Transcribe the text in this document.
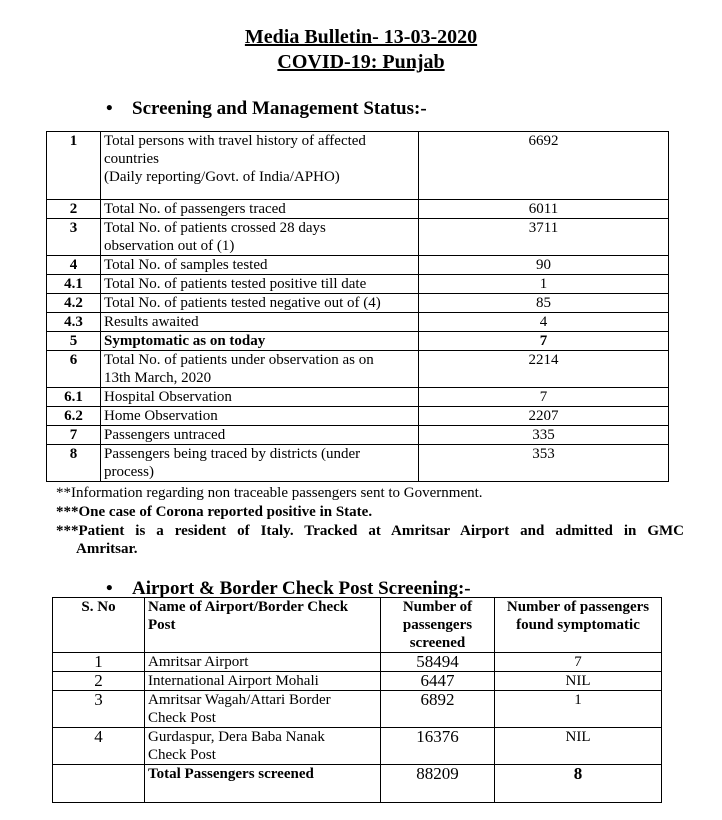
Media Bulletin- 13-03-2020
COVID-19: Punjab
• Screening and Management Status:-
1	Total persons with travel history of affected
countries
(Daily reporting/Govt. of India/APHO)	6692
2	Total No. of passengers traced	6011
3	Total No. of patients crossed 28 days
observation out of (1)	3711
4	Total No. of samples tested	90
4.1	Total No. of patients tested positive till date	1
4.2	Total No. of patients tested negative out of (4)	85
4.3	Results awaited	4
5	Symptomatic as on today	7
6	Total No. of patients under observation as on
13th March, 2020	2214
6.1	Hospital Observation	7
6.2	Home Observation	2207
7	Passengers untraced	335
8	Passengers being traced by districts (under
process)	353
**Information regarding non traceable passengers sent to Government.
***One case of Corona reported positive in State.
***Patient is a resident of Italy. Tracked at Amritsar Airport and admitted in GMC
Amritsar.
• Airport & Border Check Post Screening:-
S. No	Name of Airport/Border Check Post	Number of passengers screened	Number of passengers found symptomatic
1	Amritsar Airport	58494	7
2	International Airport Mohali	6447	NIL
3	Amritsar Wagah/Attari Border
Check Post	6892	1
4	Gurdaspur, Dera Baba Nanak
Check Post	16376	NIL
	Total Passengers screened	88209	8
